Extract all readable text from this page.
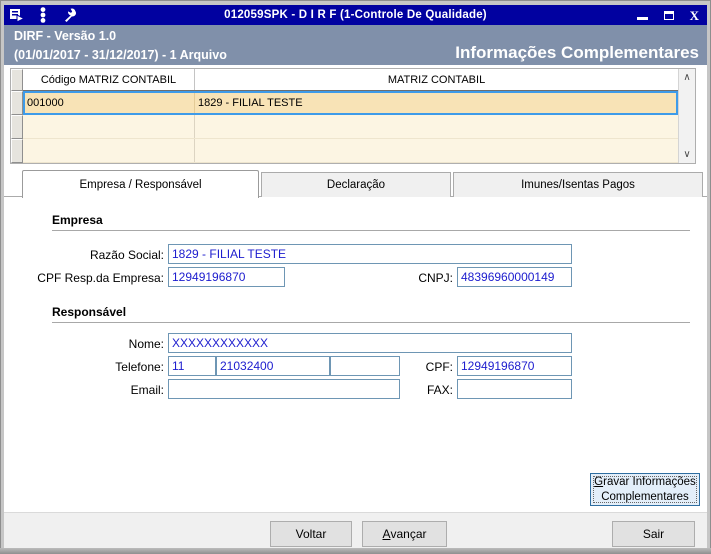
012059SPK - D I R F (1-Controle De Qualidade)	X
DIRF - Versão 1.0
(01/01/2017 - 31/12/2017) - 1 Arquivo	Informações Complementares
Código MATRIZ CONTABIL	MATRIZ CONTABIL
001000	1829 - FILIAL TESTE
∧
∨
Empresa / Responsável	Declaração	Imunes/Isentas Pagos
Empresa
Razão Social:
1829 - FILIAL TESTE
CPF Resp.da Empresa:
12949196870	CNPJ:
48396960000149
Responsável
Nome:
XXXXXXXXXXXX
Telefone:
11
21032400	CPF:
12949196870
Email:	FAX:
Gravar Informações
Complementares
Voltar	A vançar	Sair
